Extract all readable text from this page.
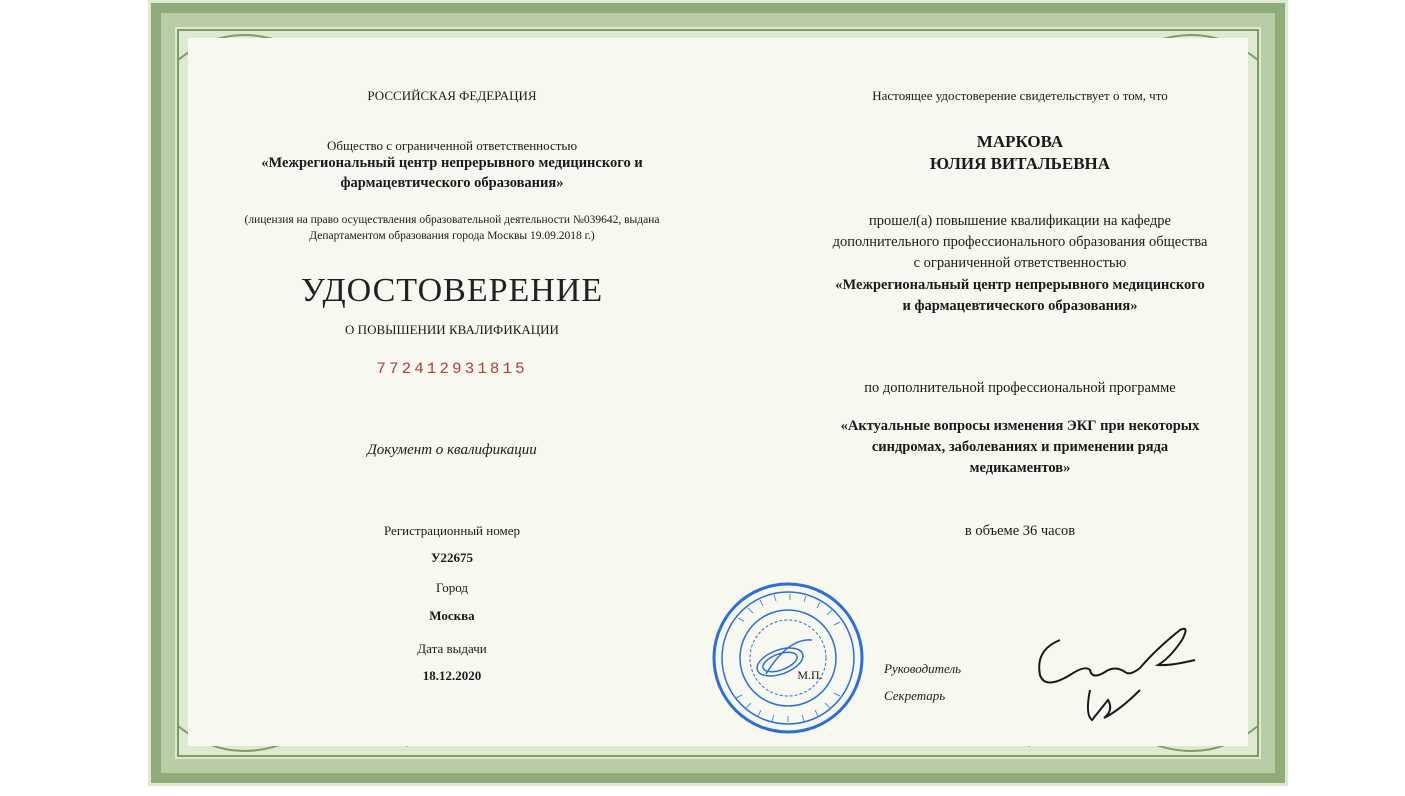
РОССИЙСКАЯ ФЕДЕРАЦИЯ
Общество с ограниченной ответственностью
«Межрегиональный центр непрерывного медицинского и
фармацевтического образования»
(лицензия на право осуществления образовательной деятельности №039642, выдана
Департаментом образования города Москвы 19.09.2018 г.)
УДОСТОВЕРЕНИЕ
О ПОВЫШЕНИИ КВАЛИФИКАЦИИ
772412931815
Документ о квалификации
Регистрационный номер
У22675
Город
Москва
Дата выдачи
18.12.2020
Настоящее удостоверение свидетельствует о том, что
МАРКОВА
ЮЛИЯ ВИТАЛЬЕВНА
прошел(а) повышение квалификации на кафедре
дополнительного профессионального образования общества
с ограниченной ответственностью
«Межрегиональный центр непрерывного медицинского
и фармацевтического образования»
по дополнительной профессиональной программе
«Актуальные вопросы изменения ЭКГ при некоторых
синдромах, заболеваниях и применении ряда
медикаментов»
в объеме 36 часов
М.П.	Руководитель
Секретарь
